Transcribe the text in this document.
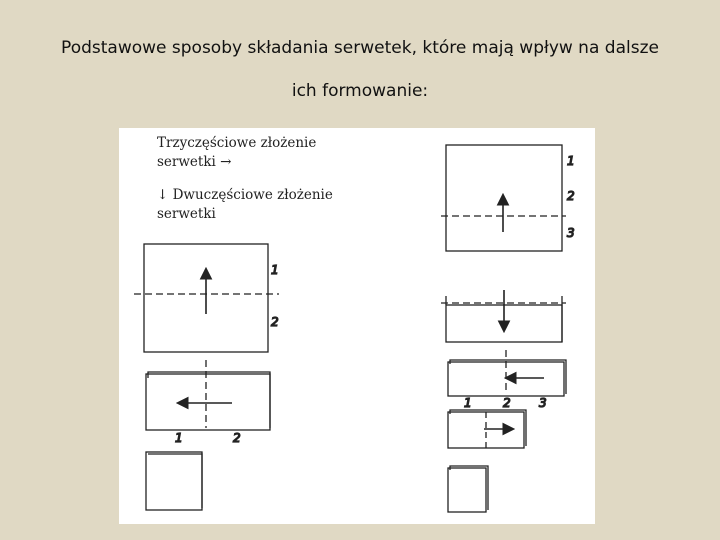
Podstawowe sposoby składania serwetek, które mają wpływ na dalsze
ich formowanie:
Trzyczęściowe złożenie serwetki →
↓ Dwuczęściowe złożenie serwetki
1
2
1	2
1
2
3
1	2 3
